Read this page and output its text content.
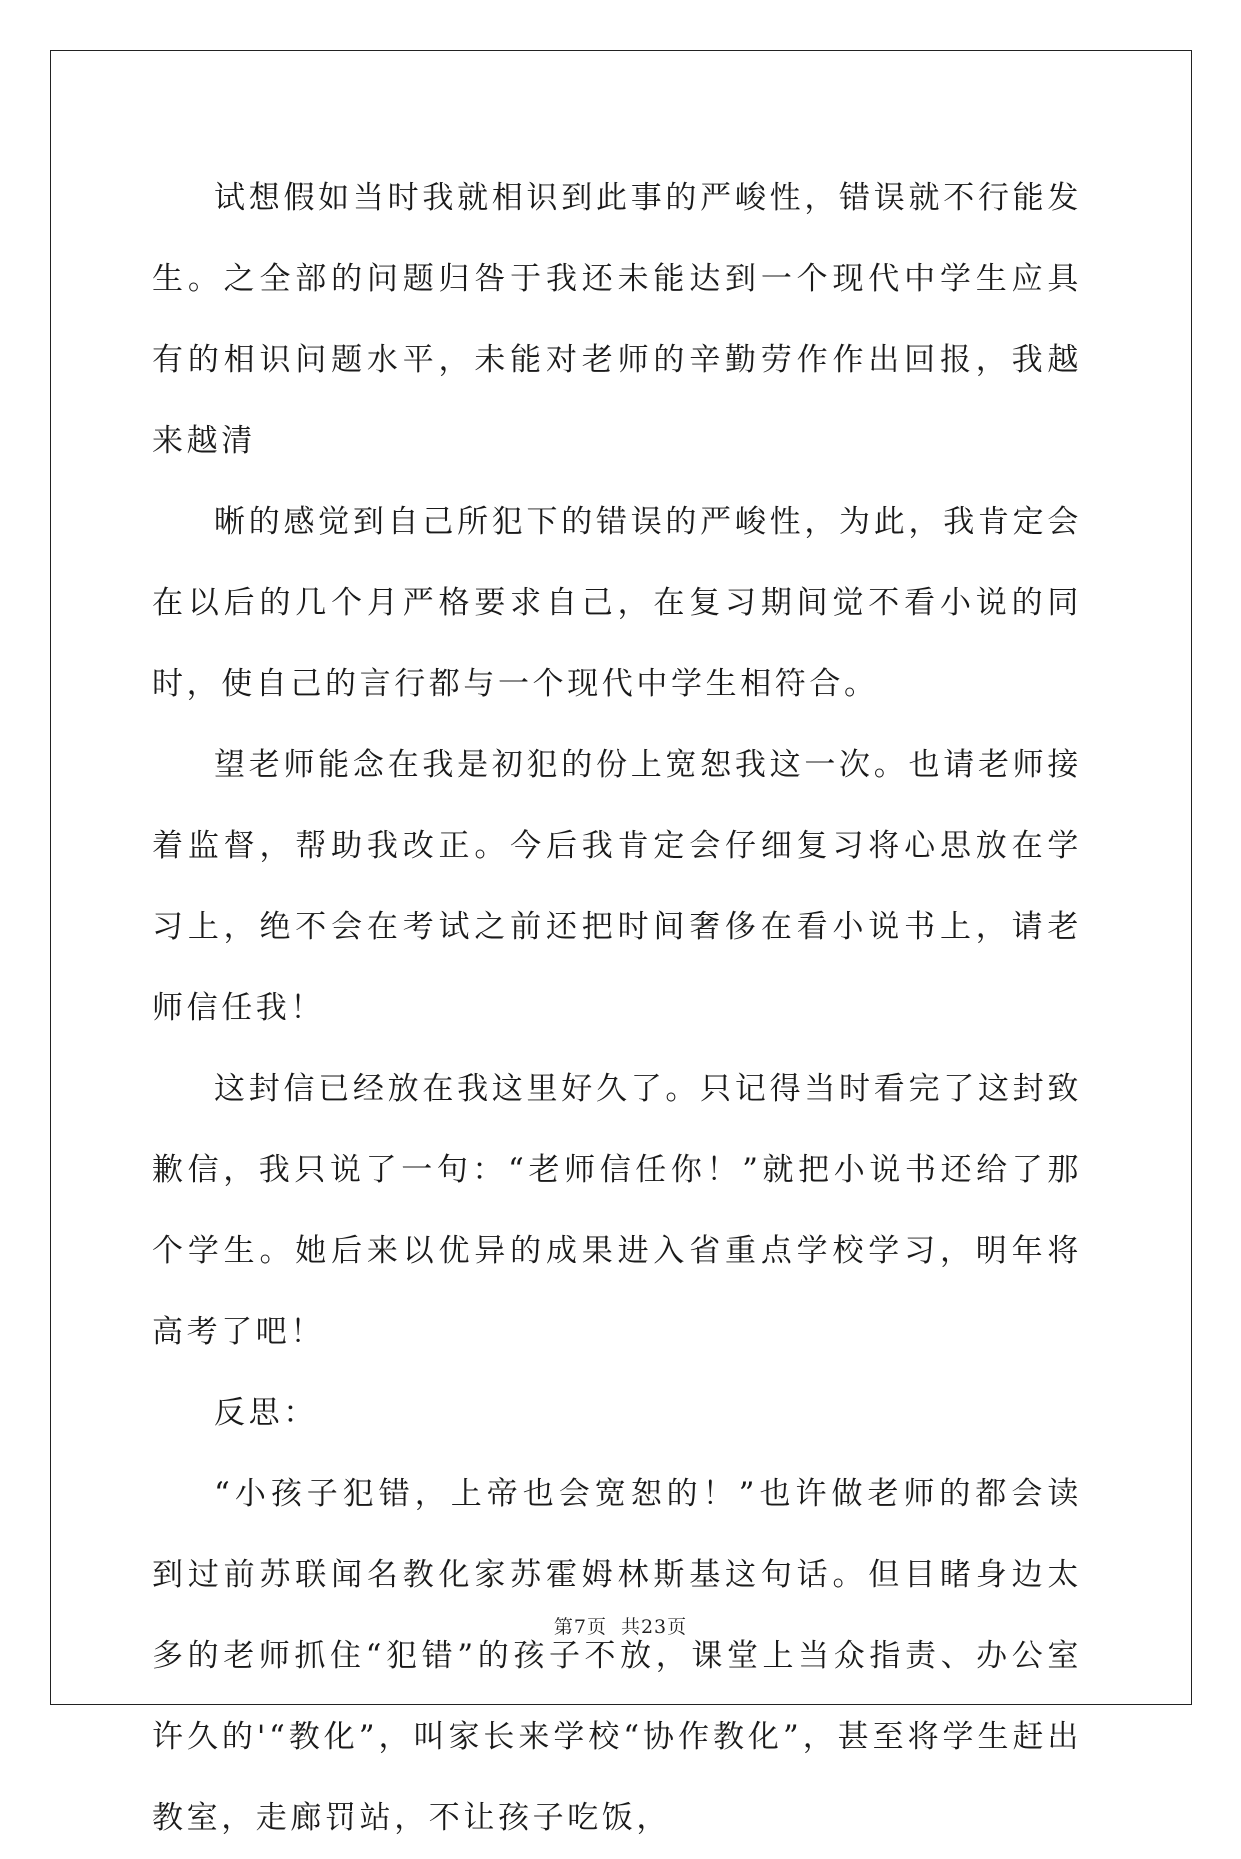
试想假如当时我就相识到此事的严峻性，错误就不行能发生。之全部的问题归咎于我还未能达到一个现代中学生应具有的相识问题水平，未能对老师的辛勤劳作作出回报，我越来越清

晰的感觉到自己所犯下的错误的严峻性，为此，我肯定会在以后的几个月严格要求自己，在复习期间觉不看小说的同时，使自己的言行都与一个现代中学生相符合。

望老师能念在我是初犯的份上宽恕我这一次。也请老师接着监督，帮助我改正。今后我肯定会仔细复习将心思放在学习上，绝不会在考试之前还把时间奢侈在看小说书上，请老师信任我！

这封信已经放在我这里好久了。只记得当时看完了这封致歉信，我只说了一句：“老师信任你！”就把小说书还给了那个学生。她后来以优异的成果进入省重点学校学习，明年将高考了吧！

反思：

“小孩子犯错，上帝也会宽恕的！”也许做老师的都会读到过前苏联闻名教化家苏霍姆林斯基这句话。但目睹身边太多的老师抓住“犯错”的孩子不放，课堂上当众指责、办公室许久的'“教化”，叫家长来学校“协作教化”，甚至将学生赶出教室，走廊罚站，不让孩子吃饭，

第7页 共23页
